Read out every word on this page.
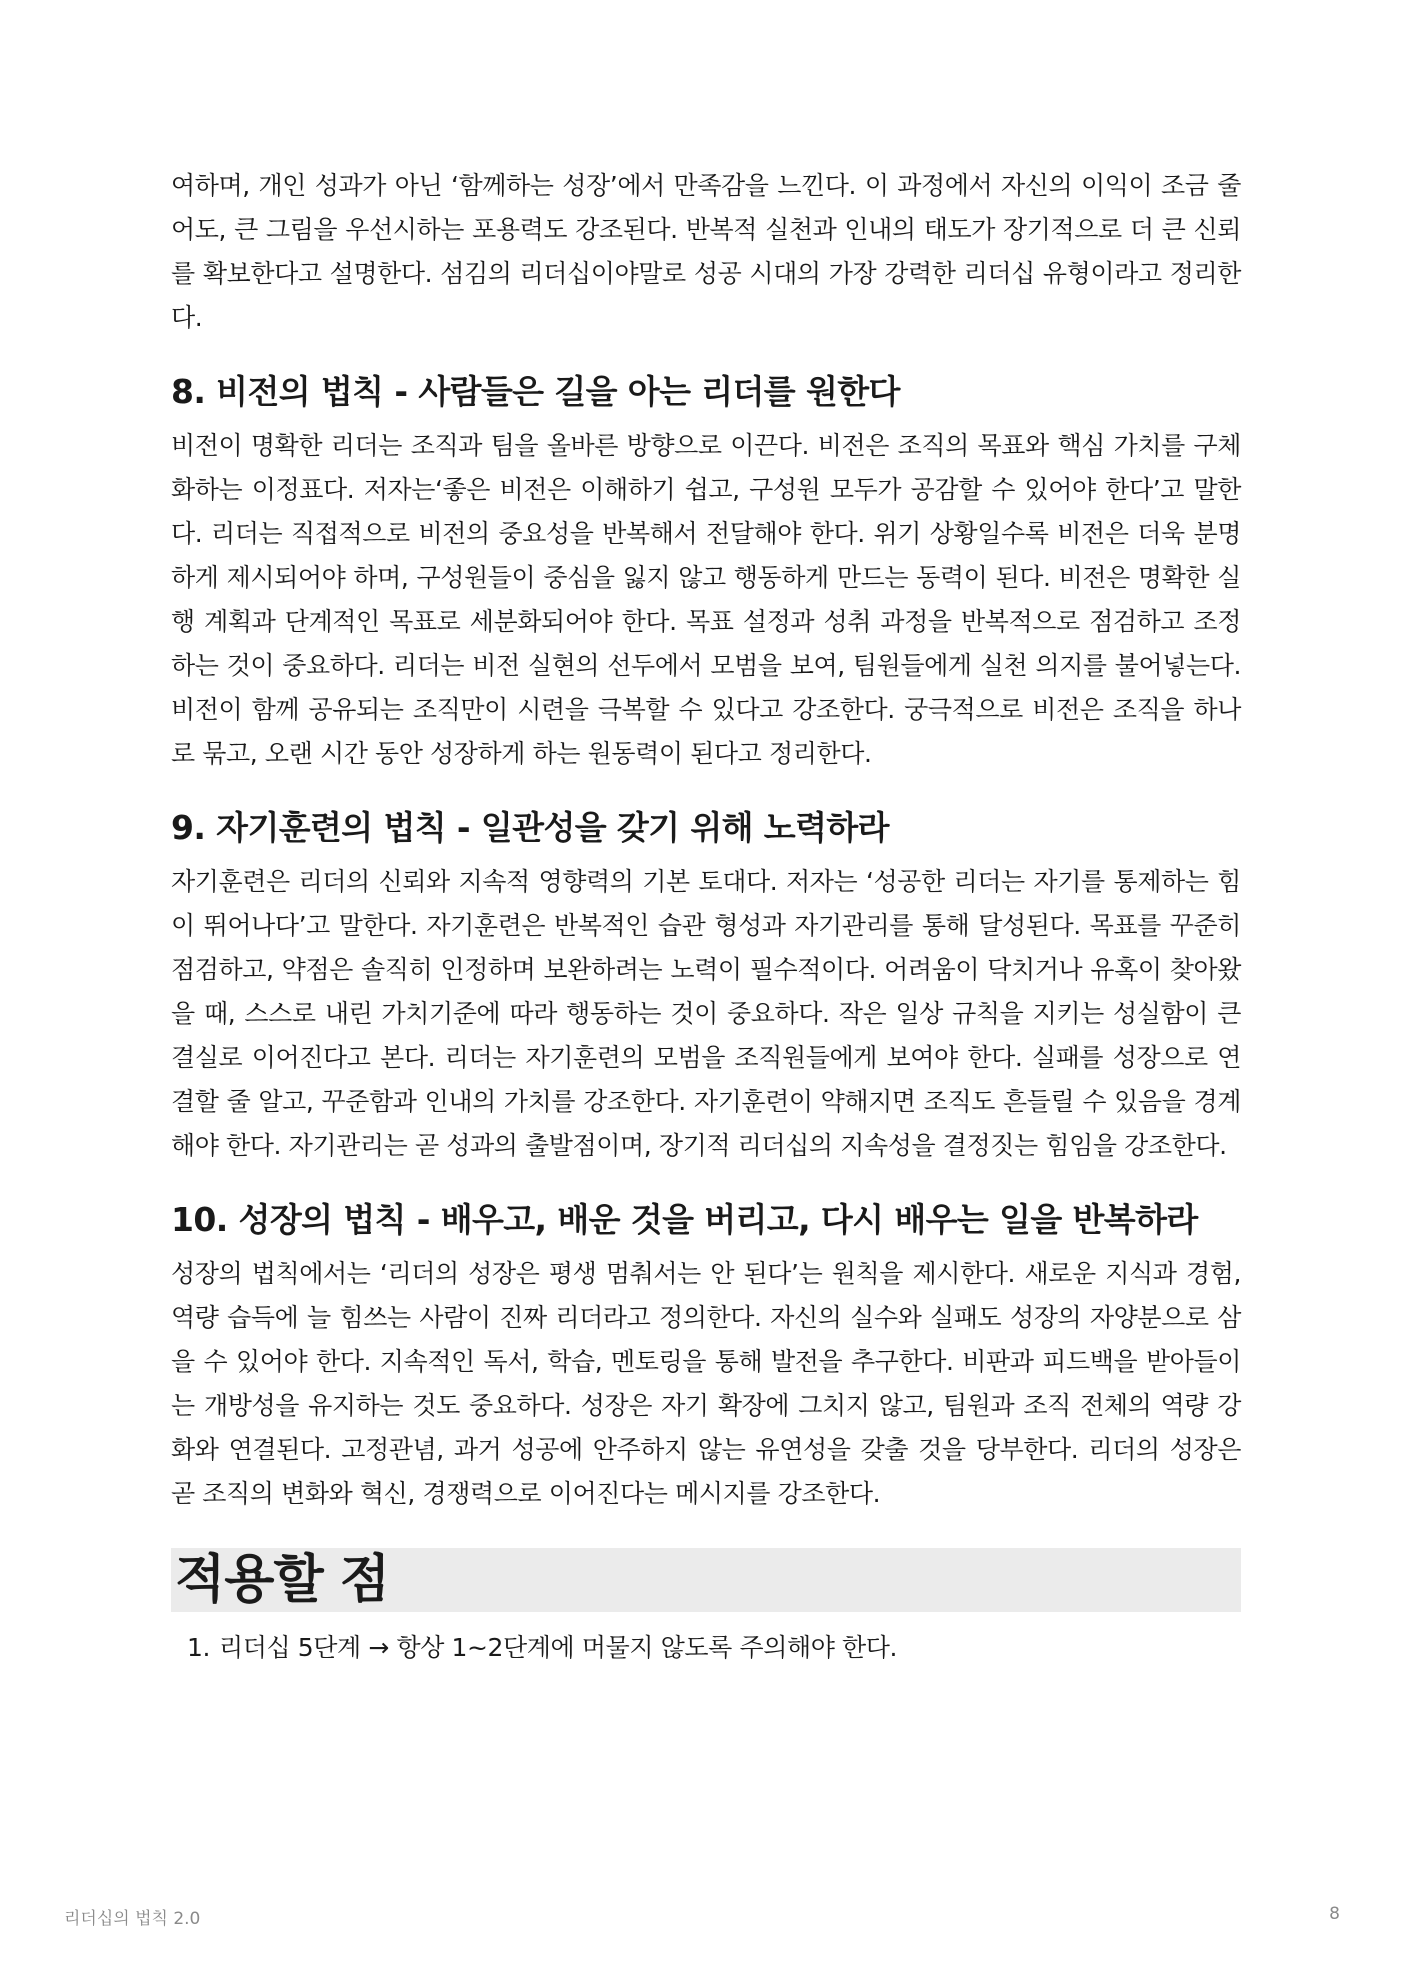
여하며, 개인 성과가 아닌 ‘함께하는 성장’에서 만족감을 느낀다. 이 과정에서 자신의 이익이 조금 줄어도, 큰 그림을 우선시하는 포용력도 강조된다. 반복적 실천과 인내의 태도가 장기적으로 더 큰 신뢰를 확보한다고 설명한다. 섬김의 리더십이야말로 성공 시대의 가장 강력한 리더십 유형이라고 정리한다.

8. 비전의 법칙 - 사람들은 길을 아는 리더를 원한다

비전이 명확한 리더는 조직과 팀을 올바른 방향으로 이끈다. 비전은 조직의 목표와 핵심 가치를 구체화하는 이정표다. 저자는‘좋은 비전은 이해하기 쉽고, 구성원 모두가 공감할 수 있어야 한다’고 말한다. 리더는 직접적으로 비전의 중요성을 반복해서 전달해야 한다. 위기 상황일수록 비전은 더욱 분명하게 제시되어야 하며, 구성원들이 중심을 잃지 않고 행동하게 만드는 동력이 된다. 비전은 명확한 실행 계획과 단계적인 목표로 세분화되어야 한다. 목표 설정과 성취 과정을 반복적으로 점검하고 조정하는 것이 중요하다. 리더는 비전 실현의 선두에서 모범을 보여, 팀원들에게 실천 의지를 불어넣는다. 비전이 함께 공유되는 조직만이 시련을 극복할 수 있다고 강조한다. 궁극적으로 비전은 조직을 하나로 묶고, 오랜 시간 동안 성장하게 하는 원동력이 된다고 정리한다.

9. 자기훈련의 법칙 - 일관성을 갖기 위해 노력하라

자기훈련은 리더의 신뢰와 지속적 영향력의 기본 토대다. 저자는 ‘성공한 리더는 자기를 통제하는 힘이 뛰어나다’고 말한다. 자기훈련은 반복적인 습관 형성과 자기관리를 통해 달성된다. 목표를 꾸준히 점검하고, 약점은 솔직히 인정하며 보완하려는 노력이 필수적이다. 어려움이 닥치거나 유혹이 찾아왔을 때, 스스로 내린 가치기준에 따라 행동하는 것이 중요하다. 작은 일상 규칙을 지키는 성실함이 큰 결실로 이어진다고 본다. 리더는 자기훈련의 모범을 조직원들에게 보여야 한다. 실패를 성장으로 연결할 줄 알고, 꾸준함과 인내의 가치를 강조한다. 자기훈련이 약해지면 조직도 흔들릴 수 있음을 경계해야 한다. 자기관리는 곧 성과의 출발점이며, 장기적 리더십의 지속성을 결정짓는 힘임을 강조한다.

10. 성장의 법칙 - 배우고, 배운 것을 버리고, 다시 배우는 일을 반복하라

성장의 법칙에서는 ‘리더의 성장은 평생 멈춰서는 안 된다’는 원칙을 제시한다. 새로운 지식과 경험, 역량 습득에 늘 힘쓰는 사람이 진짜 리더라고 정의한다. 자신의 실수와 실패도 성장의 자양분으로 삼을 수 있어야 한다. 지속적인 독서, 학습, 멘토링을 통해 발전을 추구한다. 비판과 피드백을 받아들이는 개방성을 유지하는 것도 중요하다. 성장은 자기 확장에 그치지 않고, 팀원과 조직 전체의 역량 강화와 연결된다. 고정관념, 과거 성공에 안주하지 않는 유연성을 갖출 것을 당부한다. 리더의 성장은 곧 조직의 변화와 혁신, 경쟁력으로 이어진다는 메시지를 강조한다.

적용할 점
1. 리더십 5단계 → 항상 1~2단계에 머물지 않도록 주의해야 한다.
리더십의 법칙 2.0	8
